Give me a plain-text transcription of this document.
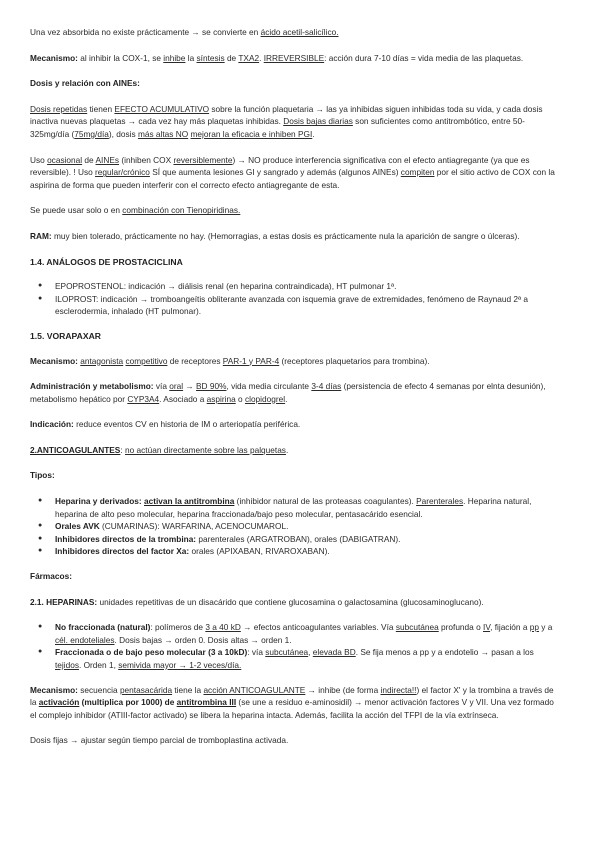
Una vez absorbida no existe prácticamente → se convierte en ácido acetil-salicílico.

Mecanismo: al inhibir la COX-1, se inhibe la síntesis de TXA2. IRREVERSIBLE: acción dura 7-10 días = vida media de las plaquetas.

Dosis y relación con AINEs:

Dosis repetidas tienen EFECTO ACUMULATIVO sobre la función plaquetaria → las ya inhibidas siguen inhibidas toda su vida, y cada dosis inactiva nuevas plaquetas → cada vez hay más plaquetas inhibidas. Dosis bajas diarias son suficientes como antitrombótico, entre 50-325mg/día (75mg/día), dosis más altas NO mejoran la eficacia e inhiben PGI.

Uso ocasional de AINEs (inhiben COX reversiblemente) → NO produce interferencia significativa con el efecto antiagregante (ya que es reversible). ! Uso regular/crónico SÍ que aumenta lesiones GI y sangrado y además (algunos AINEs) compiten por el sitio activo de COX con la aspirina de forma que pueden interferir con el correcto efecto antiagregante de esta.

Se puede usar solo o en combinación con Tienopiridinas.

RAM: muy bien tolerado, prácticamente no hay. (Hemorragias, a estas dosis es prácticamente nula la aparición de sangre o úlceras).

1.4. ANÁLOGOS DE PROSTACICLINA
● EPOPROSTENOL: indicación → diálisis renal (en heparina contraindicada), HT pulmonar 1ª.
● ILOPROST: indicación → tromboangeítis obliterante avanzada con isquemia grave de extremidades, fenómeno de Raynaud 2ª a esclerodermia, inhalado (HT pulmonar).
1.5. VORAPAXAR

Mecanismo: antagonista competitivo de receptores PAR-1 y PAR-4 (receptores plaquetarios para trombina).

Administración y metabolismo: vía oral → BD 90%, vida media circulante 3-4 días (persistencia de efecto 4 semanas por elnta desunión), metabolismo hepático por CYP3A4. Asociado a aspirina o clopidogrel.

Indicación: reduce eventos CV en historia de IM o arteriopatía periférica.

2.ANTICOAGULANTES: no actúan directamente sobre las palquetas.

Tipos:

● Heparina y derivados: activan la antitrombina (inhibidor natural de las proteasas coagulantes). Parenterales. Heparina natural, heparina de alto peso molecular, heparina fraccionada/bajo peso molecular, pentasacárido esencial.
● Orales AVK (CUMARINAS): WARFARINA, ACENOCUMAROL.
● Inhibidores directos de la trombina: parenterales (ARGATROBAN), orales (DABIGATRAN).
● Inhibidores directos del factor Xa: orales (APIXABAN, RIVAROXABAN).

Fármacos:

2.1. HEPARINAS: unidades repetitivas de un disacárido que contiene glucosamina o galactosamina (glucosaminoglucano).

● No fraccionada (natural): polímeros de 3 a 40 kD → efectos anticoagulantes variables. Vía subcutánea profunda o IV, fijación a pp y a cél. endoteliales. Dosis bajas → orden 0. Dosis altas → orden 1.
● Fraccionada o de bajo peso molecular (3 a 10kD): vía subcutánea, elevada BD. Se fija menos a pp y a endotelio → pasan a los tejidos. Orden 1, semivida mayor → 1-2 veces/día.

Mecanismo: secuencia pentasacárida tiene la acción ANTICOAGULANTE → inhibe (de forma indirecta!!) el factor X' y la trombina a través de la activación (multiplica por 1000) de antitrombina III (se une a residuo e-aminosidil) → menor activación factores V y VII. Una vez formado el complejo inhibidor (ATIII-factor activado) se libera la heparina intacta. Además, facilita la acción del TFPI de la vía extrínseca.

Dosis fijas → ajustar según tiempo parcial de tromboplastina activada.
